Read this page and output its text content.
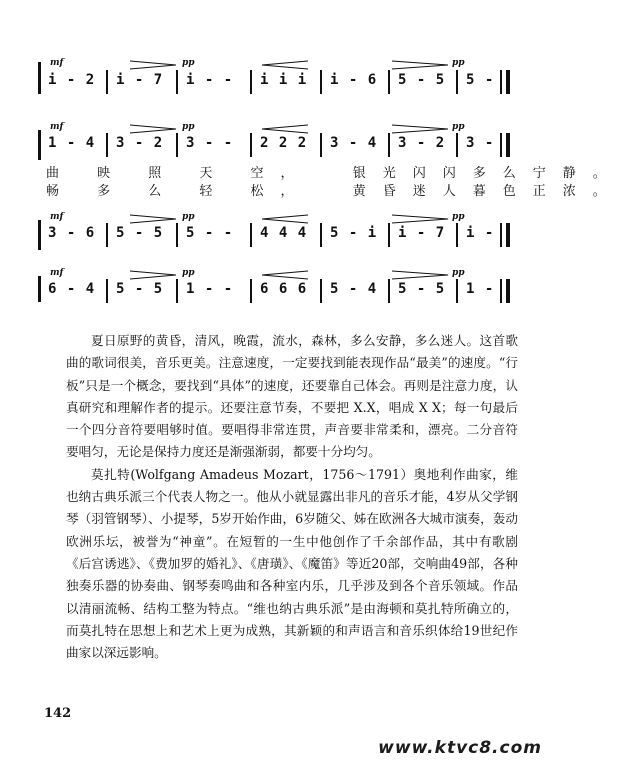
mf	pp	pp
i - 2 i - 7 i - - i i i i - 6 5 - 5 5 -
mf	pp	pp
1 - 4 3 - 2 3 - - 2 2 2 3 - 4 3 - 2 3 -
曲 映 照 天 空，  银光闪闪多么宁静。
畅 多 么 轻 松，  黄昏迷人暮色正浓。
mf	pp	pp
3 - 6 5 - 5 5 - - 4 4 4 5 - i i - 7 i -
mf	pp	pp
6 - 4 5 - 5 1 - - 6 6 6 5 - 4 5 - 5 1 -

夏日原野的黄昏，清风，晚霞，流水，森林，多么安静，多么迷人。这首歌曲的歌词很美，音乐更美。注意速度，一定要找到能表现作品“最美”的速度。“行板”只是一个概念，要找到“具体”的速度，还要靠自己体会。再则是注意力度，认真研究和理解作者的提示。还要注意节奏，不要把 X.X，唱成 X X；每一句最后一个四分音符要唱够时值。要唱得非常连贯，声音要非常柔和，漂亮。二分音符要唱匀，无论是保持力度还是渐强渐弱，都要十分均匀。

莫扎特(Wolfgang Amadeus Mozart，1756～1791）奥地利作曲家，维也纳古典乐派三个代表人物之一。他从小就显露出非凡的音乐才能，4岁从父学钢琴（羽管钢琴）、小提琴，5岁开始作曲，6岁随父、姊在欧洲各大城市演奏，轰动欧洲乐坛，被誉为“神童”。在短暂的一生中他创作了千余部作品，其中有歌剧《后宫诱逃》、《费加罗的婚礼》、《唐璜》、《魔笛》等近20部，交响曲49部，各种独奏乐器的协奏曲、钢琴奏鸣曲和各种室内乐，几乎涉及到各个音乐领域。作品以清丽流畅、结构工整为特点。“维也纳古典乐派”是由海顿和莫扎特所确立的，而莫扎特在思想上和艺术上更为成熟，其新颖的和声语言和音乐织体给19世纪作曲家以深远影响。

142
www.ktvc8.com
